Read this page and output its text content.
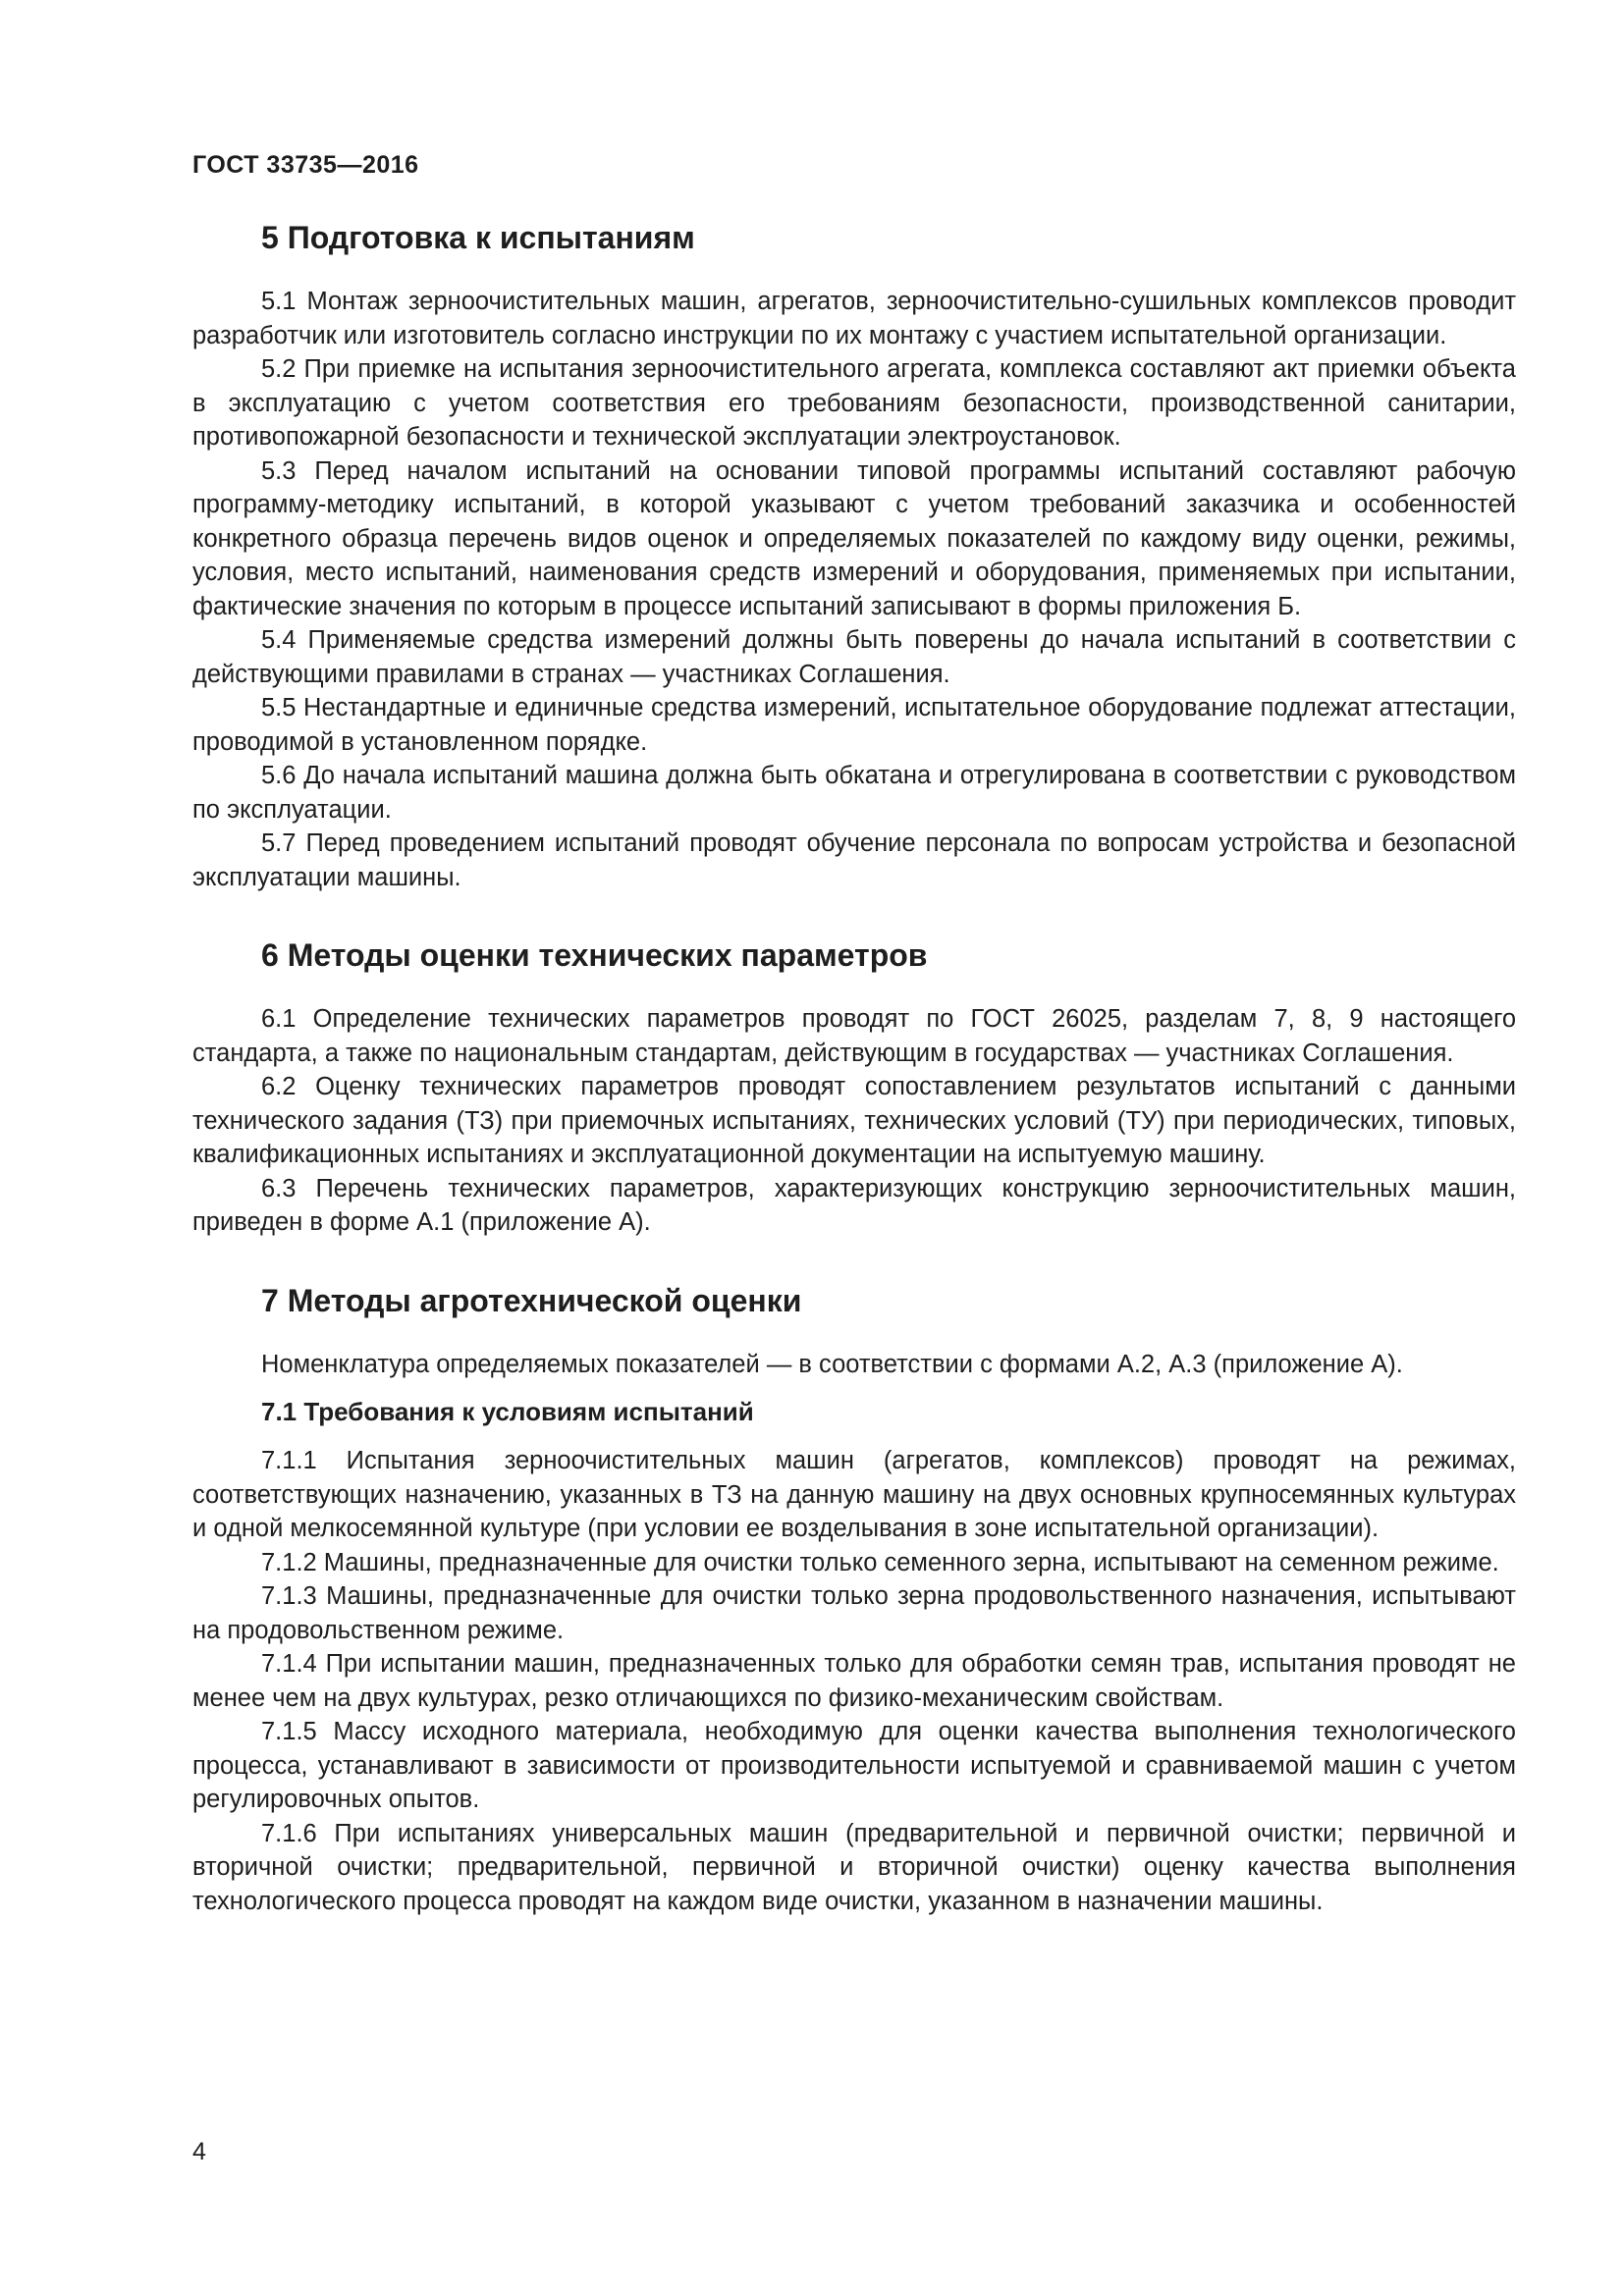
ГОСТ 33735—2016
5 Подготовка к испытаниям

5.1 Монтаж зерноочистительных машин, агрегатов, зерноочистительно-сушильных комплексов проводит разработчик или изготовитель согласно инструкции по их монтажу с участием испытательной организации.

5.2 При приемке на испытания зерноочистительного агрегата, комплекса составляют акт приемки объекта в эксплуатацию с учетом соответствия его требованиям безопасности, производственной санитарии, противопожарной безопасности и технической эксплуатации электроустановок.

5.3 Перед началом испытаний на основании типовой программы испытаний составляют рабочую программу-методику испытаний, в которой указывают с учетом требований заказчика и особенностей конкретного образца перечень видов оценок и определяемых показателей по каждому виду оценки, режимы, условия, место испытаний, наименования средств измерений и оборудования, применяемых при испытании, фактические значения по которым в процессе испытаний записывают в формы приложения Б.

5.4 Применяемые средства измерений должны быть поверены до начала испытаний в соответствии с действующими правилами в странах — участниках Соглашения.

5.5 Нестандартные и единичные средства измерений, испытательное оборудование подлежат аттестации, проводимой в установленном порядке.

5.6 До начала испытаний машина должна быть обкатана и отрегулирована в соответствии с руководством по эксплуатации.

5.7 Перед проведением испытаний проводят обучение персонала по вопросам устройства и безопасной эксплуатации машины.

6 Методы оценки технических параметров

6.1 Определение технических параметров проводят по ГОСТ 26025, разделам 7, 8, 9 настоящего стандарта, а также по национальным стандартам, действующим в государствах — участниках Соглашения.

6.2 Оценку технических параметров проводят сопоставлением результатов испытаний с данными технического задания (ТЗ) при приемочных испытаниях, технических условий (ТУ) при периодических, типовых, квалификационных испытаниях и эксплуатационной документации на испытуемую машину.

6.3 Перечень технических параметров, характеризующих конструкцию зерноочистительных машин, приведен в форме А.1 (приложение А).

7 Методы агротехнической оценки

Номенклатура определяемых показателей — в соответствии с формами А.2, А.3 (приложение А).

7.1 Требования к условиям испытаний

7.1.1 Испытания зерноочистительных машин (агрегатов, комплексов) проводят на режимах, соответствующих назначению, указанных в ТЗ на данную машину на двух основных крупносемянных культурах и одной мелкосемянной культуре (при условии ее возделывания в зоне испытательной организации).

7.1.2 Машины, предназначенные для очистки только семенного зерна, испытывают на семенном режиме.

7.1.3 Машины, предназначенные для очистки только зерна продовольственного назначения, испытывают на продовольственном режиме.

7.1.4 При испытании машин, предназначенных только для обработки семян трав, испытания проводят не менее чем на двух культурах, резко отличающихся по физико-механическим свойствам.

7.1.5 Массу исходного материала, необходимую для оценки качества выполнения технологического процесса, устанавливают в зависимости от производительности испытуемой и сравниваемой машин с учетом регулировочных опытов.

7.1.6 При испытаниях универсальных машин (предварительной и первичной очистки; первичной и вторичной очистки; предварительной, первичной и вторичной очистки) оценку качества выполнения технологического процесса проводят на каждом виде очистки, указанном в назначении машины.

4
